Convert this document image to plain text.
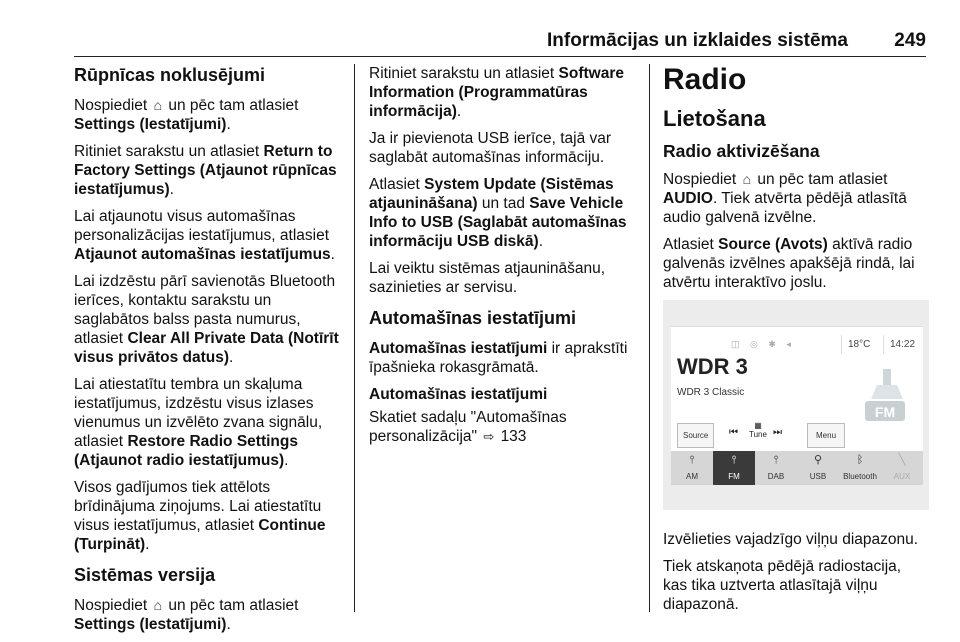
Informācijas un izklaides sistēma 249
Rūpnīcas noklusējumi

Nospiediet ⌂ un pēc tam atlasiet Settings (Iestatījumi).

Ritiniet sarakstu un atlasiet Return to Factory Settings (Atjaunot rūpnīcas iestatījumus).

Lai atjaunotu visus automašīnas personalizācijas iestatījumus, atlasiet Atjaunot automašīnas iestatījumus.

Lai izdzēstu pārī savienotās Bluetooth ierīces, kontaktu sarakstu un saglabātos balss pasta numurus, atlasiet Clear All Private Data (Notīrīt visus privātos datus).

Lai atiestatītu tembra un skaļuma iestatījumus, izdzēstu visus izlases vienumus un izvēlēto zvana signālu, atlasiet Restore Radio Settings (Atjaunot radio iestatījumus).

Visos gadījumos tiek attēlots brīdinājuma ziņojums. Lai atiestatītu visus iestatījumus, atlasiet Continue (Turpināt).

Sistēmas versija

Nospiediet ⌂ un pēc tam atlasiet Settings (Iestatījumi).

Ritiniet sarakstu un atlasiet Software Information (Programmatūras informācija).

Ja ir pievienota USB ierīce, tajā var saglabāt automašīnas informāciju.

Atlasiet System Update (Sistēmas atjaunināšana) un tad Save Vehicle Info to USB (Saglabāt automašīnas informāciju USB diskā).

Lai veiktu sistēmas atjaunināšanu, sazinieties ar servisu.

Automašīnas iestatījumi

Automašīnas iestatījumi ir aprakstīti īpašnieka rokasgrāmatā.

Automašīnas iestatījumi

Skatiet sadaļu "Automašīnas personalizācija" ⇨ 133

Radio
Lietošana
Radio aktivizēšana

Nospiediet ⌂ un pēc tam atlasiet AUDIO. Tiek atvērta pēdējā atlasītā audio galvenā izvēlne.

Atlasiet Source (Avots) aktīvā radio galvenās izvēlnes apakšējā rindā, lai atvērtu interaktīvo joslu.

◫ ◎ ✱ ◂	18°C	14:22
WDR 3
WDR 3 Classic
FM
Source	⏮
▦
Tune ⏭	Menu
⫯
AM
⫯
FM
⫯
DAB
⚲
USB
ᛒ
Bluetooth
╲
AUX

Izvēlieties vajadzīgo viļņu diapazonu.

Tiek atskaņota pēdējā radiostacija, kas tika uztverta atlasītajā viļņu diapazonā.
